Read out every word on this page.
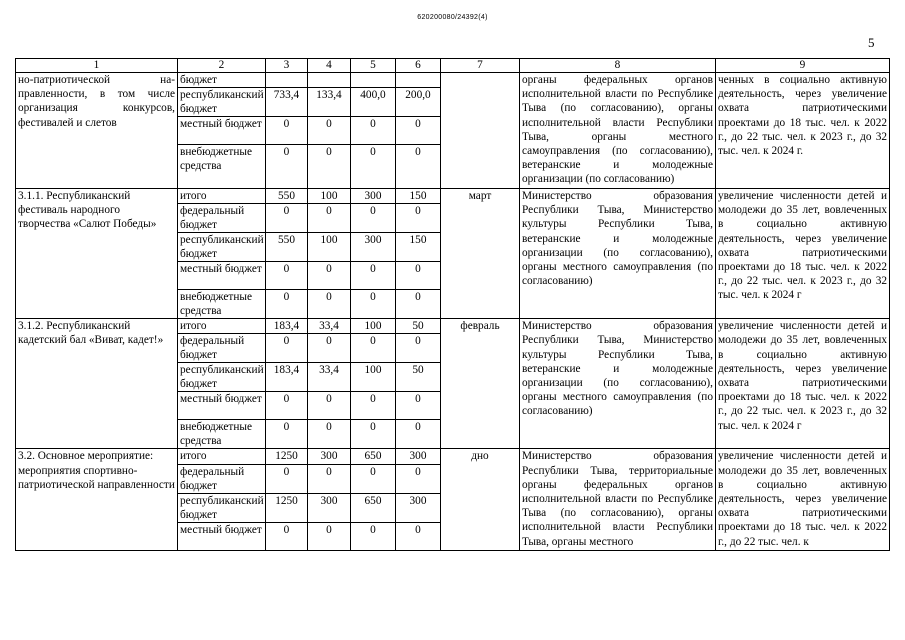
620200080/24392(4)
5
1	2	3	4	5	6	7	8	9
но-патриотической на-правленности, в том числе организация конкурсов, фестивалей и слетов	бюджет						органы федеральных органов исполнительной власти по Республике Тыва (по согласованию), органы исполнительной власти Республики Тыва, органы местного самоуправления (по согласованию), ветеранские и молодежные организации (по согласованию)	ченных в социально активную деятельность, через увеличение охвата патриотическими проектами до 18 тыс. чел. к 2022 г., до 22 тыс. чел. к 2023 г., до 32 тыс. чел. к 2024 г.
	республиканский бюджет	733,4	133,4	400,0	200,0			
	местный бюджет	0	0	0	0			
	внебюджетные средства	0	0	0	0			
3.1.1. Республиканский фестиваль народного творчества «Салют Победы»	итого	550	100	300	150	март	Министерство образования Республики Тыва, Министерство культуры Республики Тыва, ветеранские и молодежные организации (по согласованию), органы местного самоуправления (по согласованию)	увеличение численности детей и молодежи до 35 лет, вовлеченных в социально активную деятельность, через увеличение охвата патриотическими проектами до 18 тыс. чел. к 2022 г., до 22 тыс. чел. к 2023 г., до 32 тыс. чел. к 2024 г
	федеральный бюджет	0	0	0	0			
	республиканский бюджет	550	100	300	150			
	местный бюджет	0	0	0	0			
	внебюджетные средства	0	0	0	0			
3.1.2. Республиканский кадетский бал «Виват, кадет!»	итого	183,4	33,4	100	50	февраль	Министерство образования Республики Тыва, Министерство культуры Республики Тыва, ветеранские и молодежные организации (по согласованию), органы местного самоуправления (по согласованию)	увеличение численности детей и молодежи до 35 лет, вовлеченных в социально активную деятельность, через увеличение охвата патриотическими проектами до 18 тыс. чел. к 2022 г., до 22 тыс. чел. к 2023 г., до 32 тыс. чел. к 2024 г
	федеральный бюджет	0	0	0	0			
	республиканский бюджет	183,4	33,4	100	50			
	местный бюджет	0	0	0	0			
	внебюджетные средства	0	0	0	0			
3.2. Основное мероприятие: мероприятия спортивно-патриотической направленности	итого	1250	300	650	300	дно	Министерство образования Республики Тыва, территориальные органы федеральных органов исполнительной власти по Республике Тыва (по согласованию), органы исполнительной власти Республики Тыва, органы местного	увеличение численности детей и молодежи до 35 лет, вовлеченных в социально активную деятельность, через увеличение охвата патриотическими проектами до 18 тыс. чел. к 2022 г., до 22 тыс. чел. к
	федеральный бюджет	0	0	0	0			
	республиканский бюджет	1250	300	650	300			
	местный бюджет	0	0	0	0			
